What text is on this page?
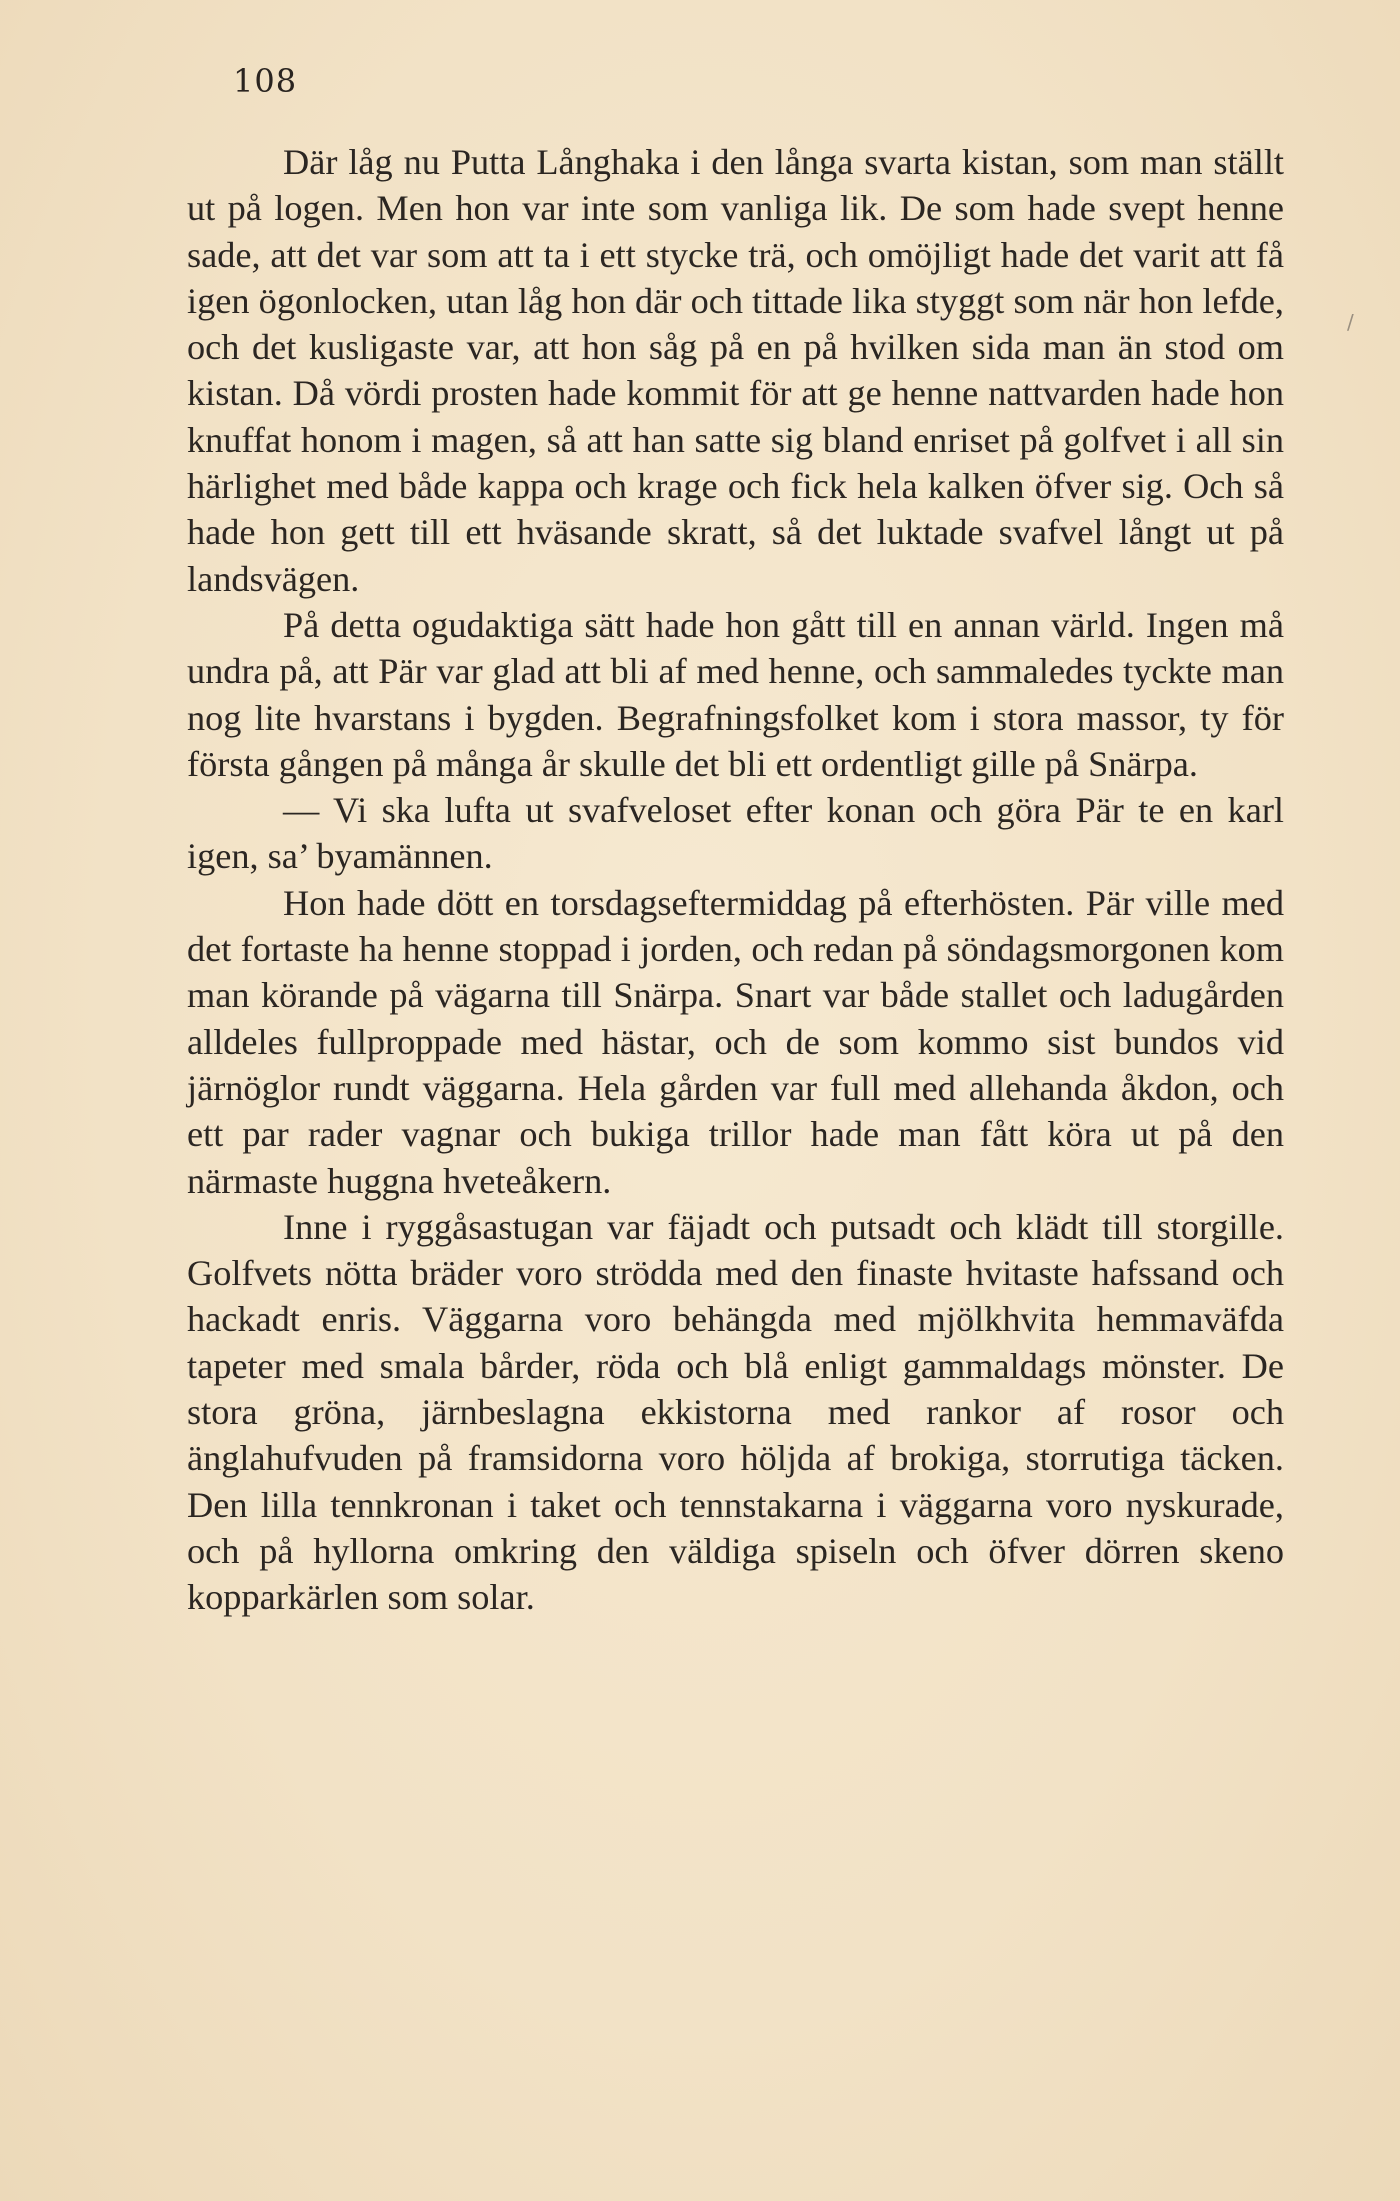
108
/

Där låg nu Putta Långhaka i den långa svarta kistan, som man ställt ut på logen. Men hon var inte som vanliga lik. De som hade svept henne sade, att det var som att ta i ett stycke trä, och omöjligt hade det varit att få igen ögonlocken, utan låg hon där och tittade lika styggt som när hon lefde, och det kusligaste var, att hon såg på en på hvilken sida man än stod om kistan. Då vördi prosten hade kommit för att ge henne nattvarden hade hon knuffat honom i magen, så att han satte sig bland enriset på golfvet i all sin härlighet med både kappa och krage och fick hela kalken öfver sig. Och så hade hon gett till ett hväsande skratt, så det luktade svafvel långt ut på landsvägen.

På detta ogudaktiga sätt hade hon gått till en annan värld. Ingen må undra på, att Pär var glad att bli af med henne, och sammaledes tyckte man nog lite hvarstans i bygden. Begrafningsfolket kom i stora massor, ty för första gången på många år skulle det bli ett ordentligt gille på Snärpa.

— Vi ska lufta ut svafveloset efter konan och göra Pär te en karl igen, sa’ byamännen.

Hon hade dött en torsdagseftermiddag på efterhösten. Pär ville med det fortaste ha henne stoppad i jorden, och redan på söndagsmorgonen kom man körande på vägarna till Snärpa. Snart var både stallet och ladugården alldeles fullproppade med hästar, och de som kommo sist bundos vid järnöglor rundt väggarna. Hela gården var full med allehanda åkdon, och ett par rader vagnar och bukiga trillor hade man fått köra ut på den närmaste huggna hveteåkern.

Inne i ryggåsastugan var fäjadt och putsadt och klädt till storgille. Golfvets nötta bräder voro strödda med den finaste hvitaste hafssand och hackadt enris. Väggarna voro behängda med mjölkhvita hemmaväfda tapeter med smala bårder, röda och blå enligt gammaldags mönster. De stora gröna, järnbeslagna ekkistorna med rankor af rosor och änglahufvuden på framsidorna voro höljda af brokiga, storrutiga täcken. Den lilla tennkronan i taket och tennstakarna i väggarna voro nyskurade, och på hyllorna omkring den väldiga spiseln och öfver dörren skeno kopparkärlen som solar.
